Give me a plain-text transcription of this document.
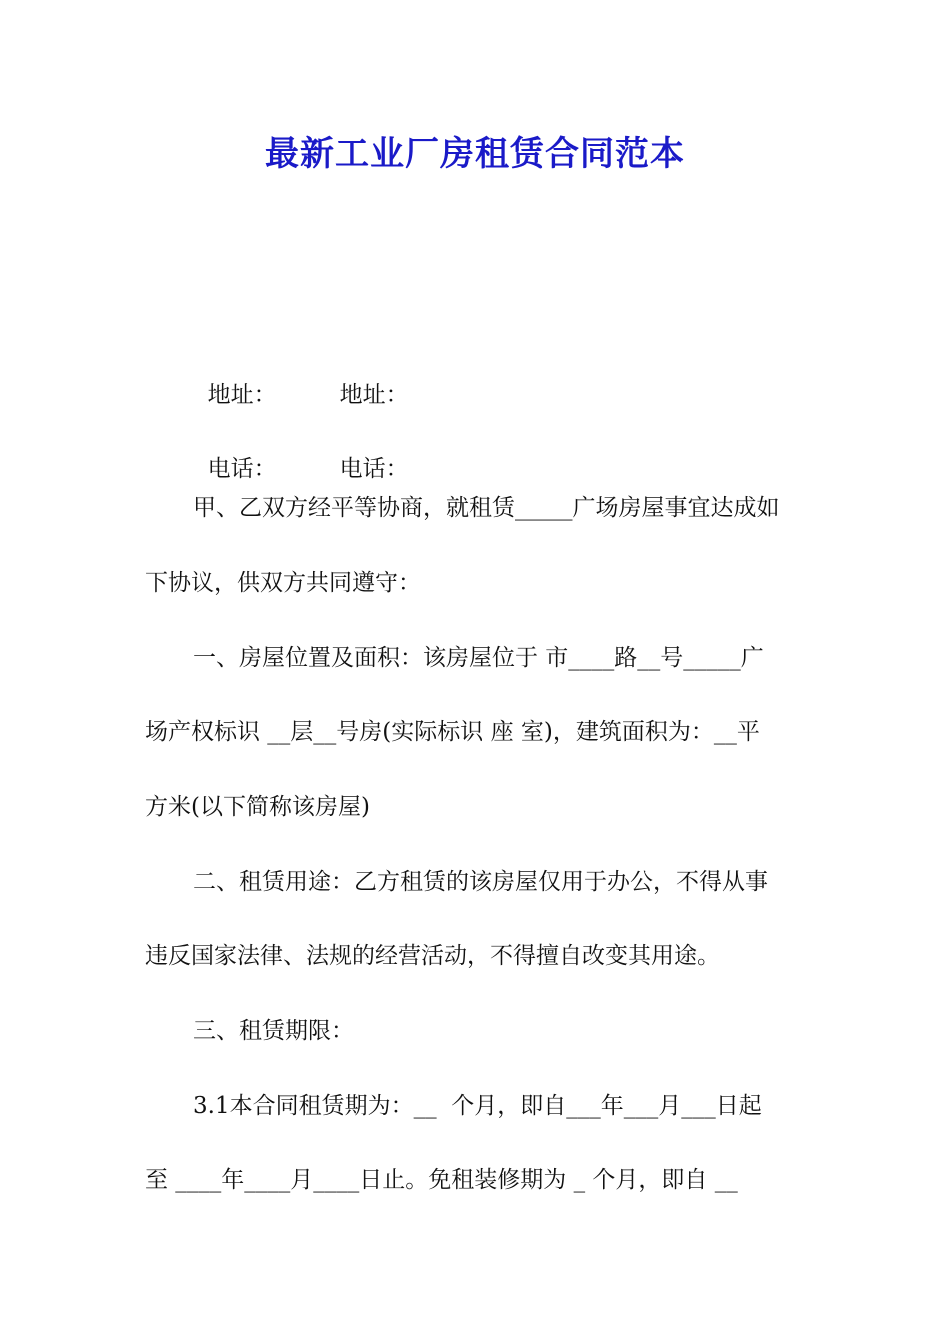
最新工业厂房租赁合同范本

地址：	地址：

电话：	电话：

甲、乙双方经平等协商，就租赁_____广场房屋事宜达成如

下协议，供双方共同遵守：

一、房屋位置及面积：该房屋位于 市____路__号_____广

场产权标识 __层__号房(实际标识 座 室)，建筑面积为：__平

方米(以下简称该房屋)

二、租赁用途：乙方租赁的该房屋仅用于办公，不得从事

违反国家法律、法规的经营活动，不得擅自改变其用途。

三、租赁期限：

3.1本合同租赁期为：__  个月，即自___年___月___日起

至 ____年____月____日止。免租装修期为 _ 个月，即自 __
